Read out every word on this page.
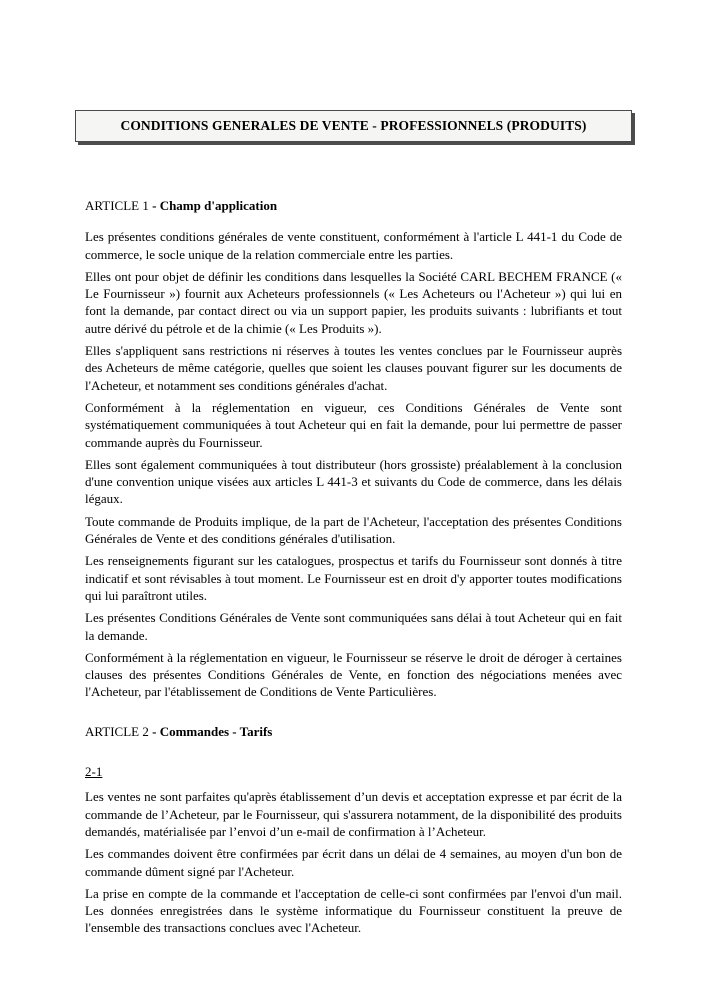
CONDITIONS GENERALES DE VENTE - PROFESSIONNELS (PRODUITS)
ARTICLE 1 - Champ d'application

Les présentes conditions générales de vente constituent, conformément à l'article L 441-1 du Code de commerce, le socle unique de la relation commerciale entre les parties.

Elles ont pour objet de définir les conditions dans lesquelles la Société CARL BECHEM FRANCE (« Le Fournisseur ») fournit aux Acheteurs professionnels (« Les Acheteurs ou l'Acheteur ») qui lui en font la demande, par contact direct ou via un support papier, les produits suivants : lubrifiants et tout autre dérivé du pétrole et de la chimie (« Les Produits »).

Elles s'appliquent sans restrictions ni réserves à toutes les ventes conclues par le Fournisseur auprès des Acheteurs de même catégorie, quelles que soient les clauses pouvant figurer sur les documents de l'Acheteur, et notamment ses conditions générales d'achat.

Conformément à la réglementation en vigueur, ces Conditions Générales de Vente sont systématiquement communiquées à tout Acheteur qui en fait la demande, pour lui permettre de passer commande auprès du Fournisseur.

Elles sont également communiquées à tout distributeur (hors grossiste) préalablement à la conclusion d'une convention unique visées aux articles L 441-3 et suivants du Code de commerce, dans les délais légaux.

Toute commande de Produits implique, de la part de l'Acheteur, l'acceptation des présentes Conditions Générales de Vente et des conditions générales d'utilisation.

Les renseignements figurant sur les catalogues, prospectus et tarifs du Fournisseur sont donnés à titre indicatif et sont révisables à tout moment. Le Fournisseur est en droit d'y apporter toutes modifications qui lui paraîtront utiles.

Les présentes Conditions Générales de Vente sont communiquées sans délai à tout Acheteur qui en fait la demande.

Conformément à la réglementation en vigueur, le Fournisseur se réserve le droit de déroger à certaines clauses des présentes Conditions Générales de Vente, en fonction des négociations menées avec l'Acheteur, par l'établissement de Conditions de Vente Particulières.

ARTICLE 2 - Commandes - Tarifs
2-1

Les ventes ne sont parfaites qu'après établissement d’un devis et acceptation expresse et par écrit de la commande de l’Acheteur, par le Fournisseur, qui s'assurera notamment, de la disponibilité des produits demandés, matérialisée par l’envoi d’un e-mail de confirmation à l’Acheteur.

Les commandes doivent être confirmées par écrit dans un délai de 4 semaines, au moyen d'un bon de commande dûment signé par l'Acheteur.

La prise en compte de la commande et l'acceptation de celle-ci sont confirmées par l'envoi d'un mail. Les données enregistrées dans le système informatique du Fournisseur constituent la preuve de l'ensemble des transactions conclues avec l'Acheteur.
